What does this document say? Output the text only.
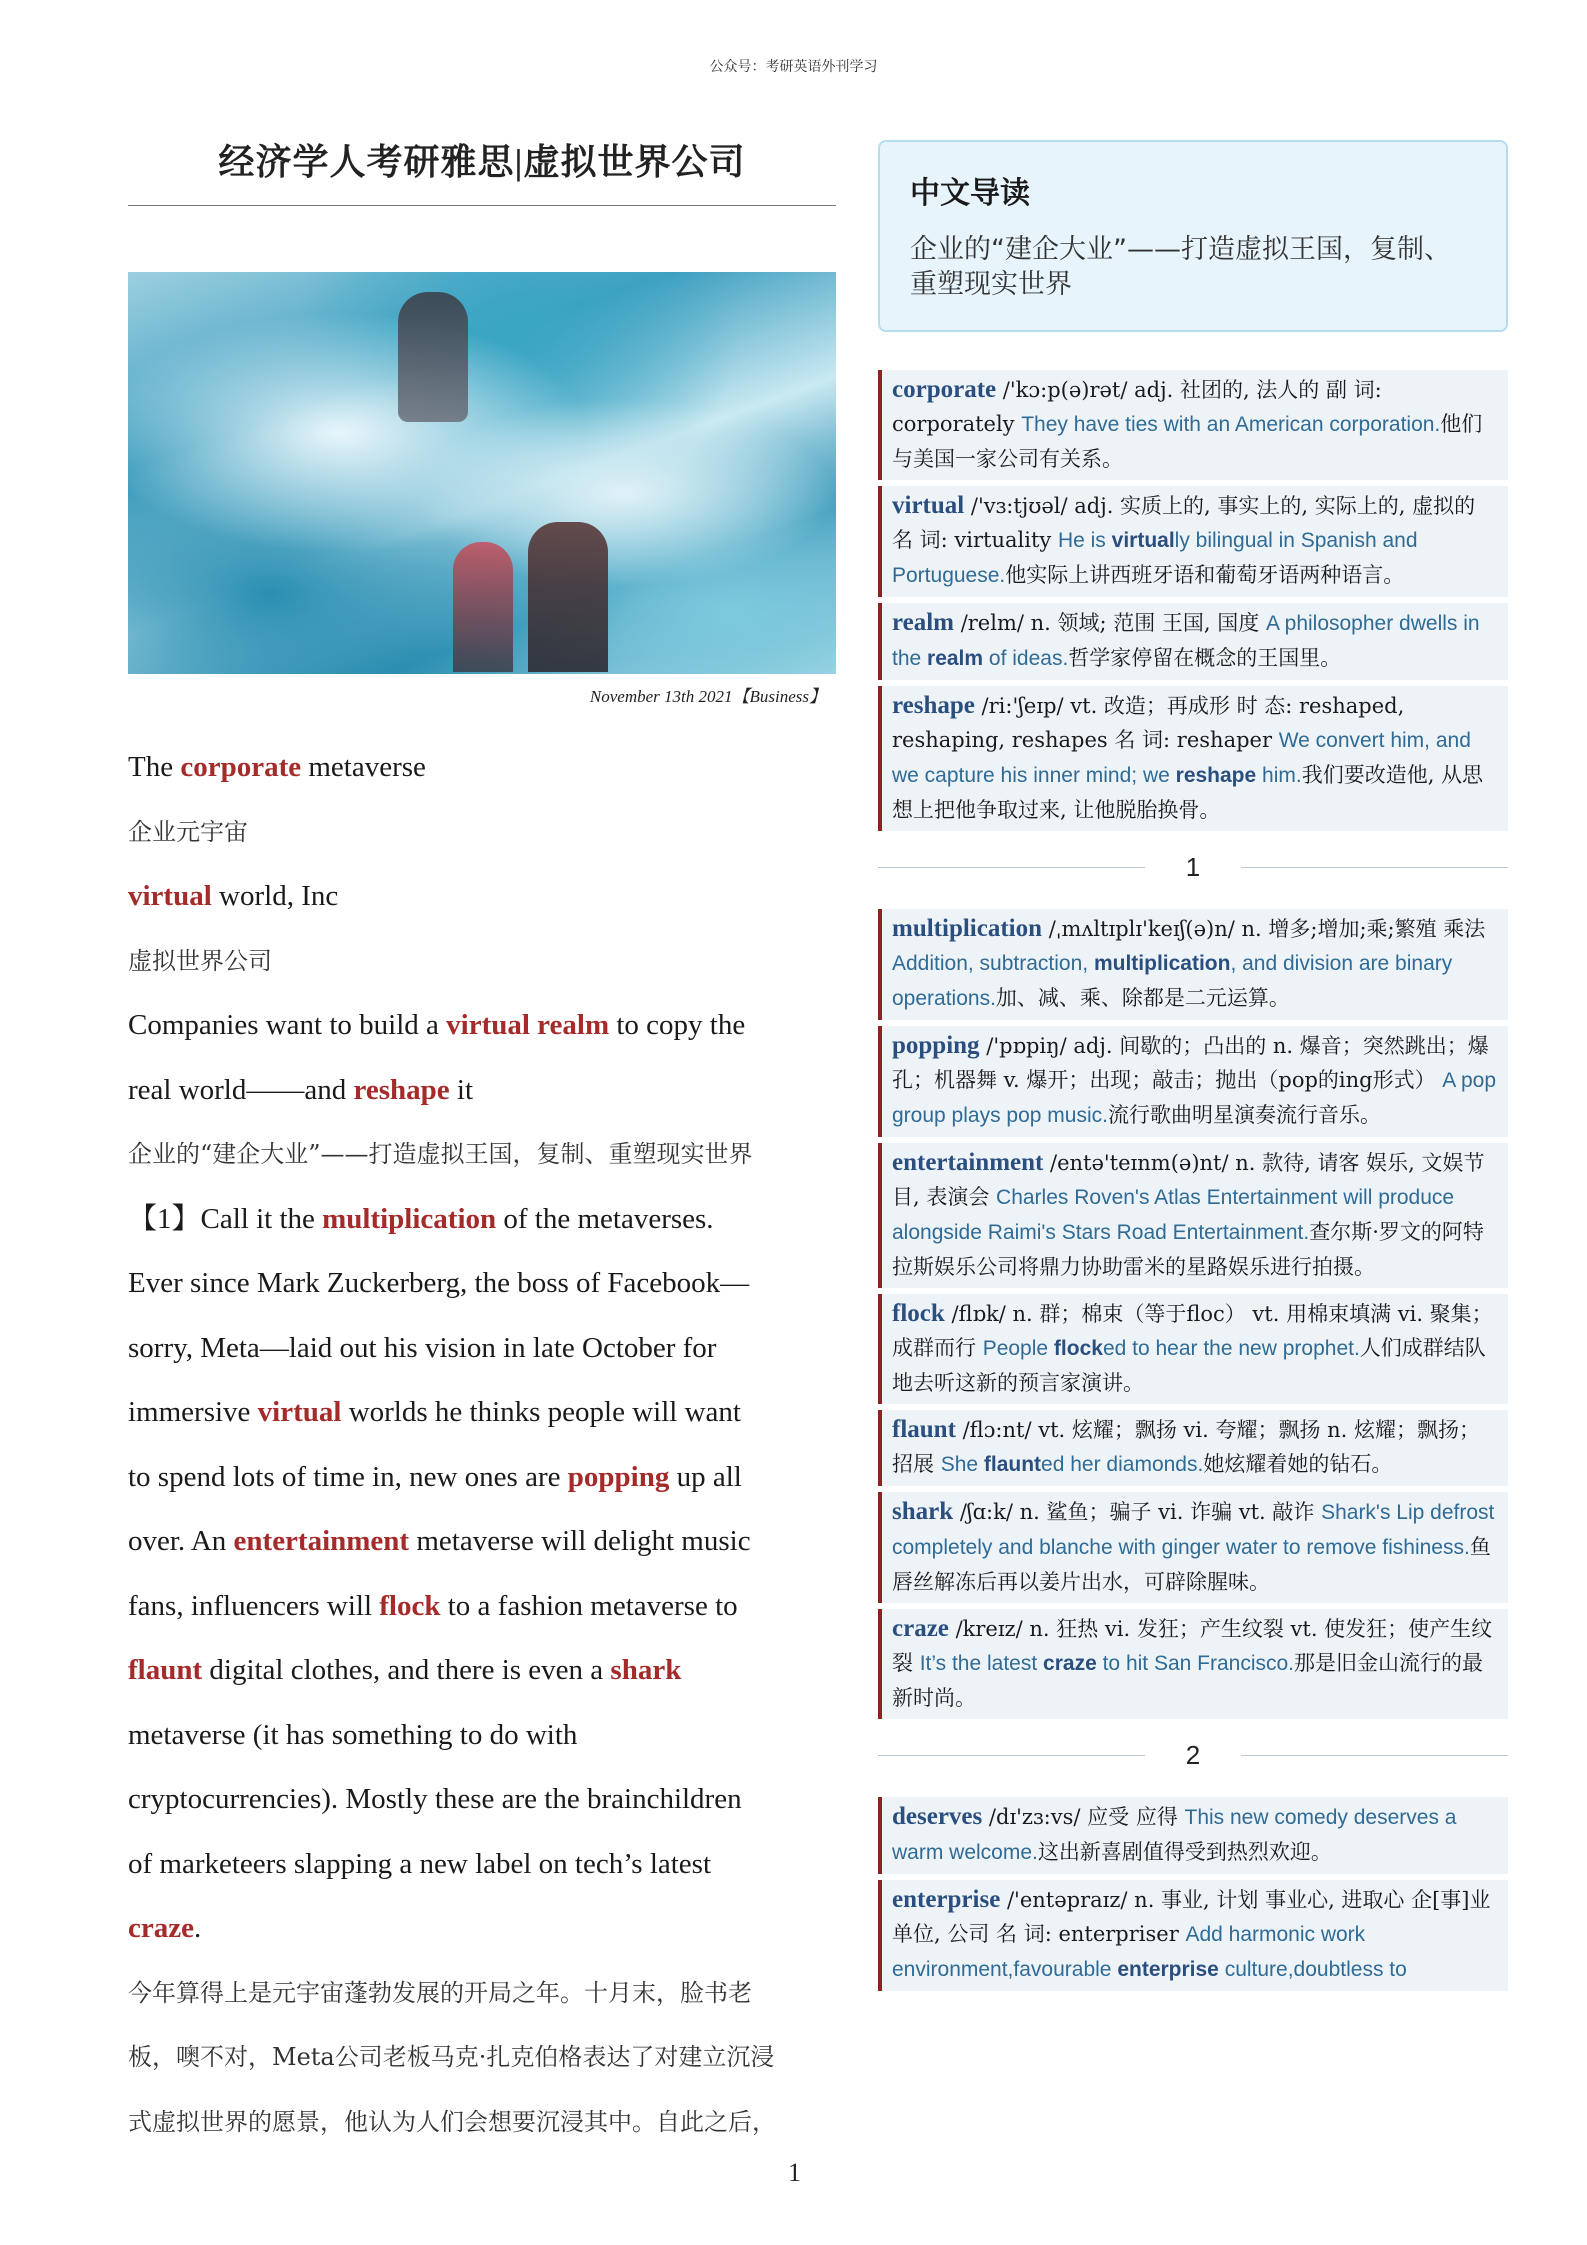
公众号：考研英语外刊学习
经济学人考研雅思|虚拟世界公司
November 13th 2021【Business】

The corporate metaverse

企业元宇宙

virtual world, Inc

虚拟世界公司

Companies want to build a virtual realm to copy the

real world——and reshape it

企业的“建企大业”——打造虚拟王国，复制、重塑现实世界

【1】Call it the multiplication of the metaverses.

Ever since Mark Zuckerberg, the boss of Facebook—

sorry, Meta—laid out his vision in late October for

immersive virtual worlds he thinks people will want

to spend lots of time in, new ones are popping up all

over. An entertainment metaverse will delight music

fans, influencers will flock to a fashion metaverse to

flaunt digital clothes, and there is even a shark

metaverse (it has something to do with

cryptocurrencies). Mostly these are the brainchildren

of marketeers slapping a new label on tech’s latest

craze.

今年算得上是元宇宙蓬勃发展的开局之年。十月末，脸书老

板，噢不对，Meta公司老板马克·扎克伯格表达了对建立沉浸

式虚拟世界的愿景，他认为人们会想要沉浸其中。自此之后，

1
中文导读
企业的“建企大业”——打造虚拟王国，复制、重塑现实世界
corporate /'kɔ:p(ə)rət/ adj. 社团的, 法人的 副 词: corporately They have ties with an American corporation.他们与美国一家公司有关系。
virtual /'vɜ:tjʊəl/ adj. 实质上的, 事实上的, 实际上的, 虚拟的 名 词: virtuality He is virtually bilingual in Spanish and Portuguese.他实际上讲西班牙语和葡萄牙语两种语言。
realm /relm/ n. 领域; 范围 王国, 国度 A philosopher dwells in the realm of ideas.哲学家停留在概念的王国里。
reshape /ri:'ʃeɪp/ vt. 改造；再成形 时 态: reshaped, reshaping, reshapes 名 词: reshaper We convert him, and we capture his inner mind; we reshape him.我们要改造他, 从思想上把他争取过来, 让他脱胎换骨。
1
multiplication /ˌmʌltɪplɪ'keɪʃ(ə)n/ n. 增多;增加;乘;繁殖 乘法 Addition, subtraction, multiplication, and division are binary operations.加、减、乘、除都是二元运算。
popping /'pɒpiŋ/ adj. 间歇的；凸出的 n. 爆音；突然跳出；爆孔；机器舞 v. 爆开；出现；敲击；抛出（pop的ing形式） A pop group plays pop music.流行歌曲明星演奏流行音乐。
entertainment /entə'teɪnm(ə)nt/ n. 款待, 请客 娱乐, 文娱节目, 表演会 Charles Roven's Atlas Entertainment will produce alongside Raimi's Stars Road Entertainment.查尔斯·罗文的阿特拉斯娱乐公司将鼎力协助雷米的星路娱乐进行拍摄。
flock /flɒk/ n. 群；棉束（等于floc） vt. 用棉束填满 vi. 聚集；成群而行 People flocked to hear the new prophet.人们成群结队地去听这新的预言家演讲。
flaunt /flɔ:nt/ vt. 炫耀；飘扬 vi. 夸耀；飘扬 n. 炫耀；飘扬；招展 She flaunted her diamonds.她炫耀着她的钻石。
shark /ʃɑ:k/ n. 鲨鱼；骗子 vi. 诈骗 vt. 敲诈 Shark's Lip defrost completely and blanche with ginger water to remove fishiness.鱼唇丝解冻后再以姜片出水，可辟除腥味。
craze /kreɪz/ n. 狂热 vi. 发狂；产生纹裂 vt. 使发狂；使产生纹裂 It’s the latest craze to hit San Francisco.那是旧金山流行的最新时尚。
2
deserves /dɪ'zɜ:vs/ 应受 应得 This new comedy deserves a warm welcome.这出新喜剧值得受到热烈欢迎。
enterprise /'entəpraɪz/ n. 事业, 计划 事业心, 进取心 企[事]业单位, 公司 名 词: enterpriser Add harmonic work environment,favourable enterprise culture,doubtless to
